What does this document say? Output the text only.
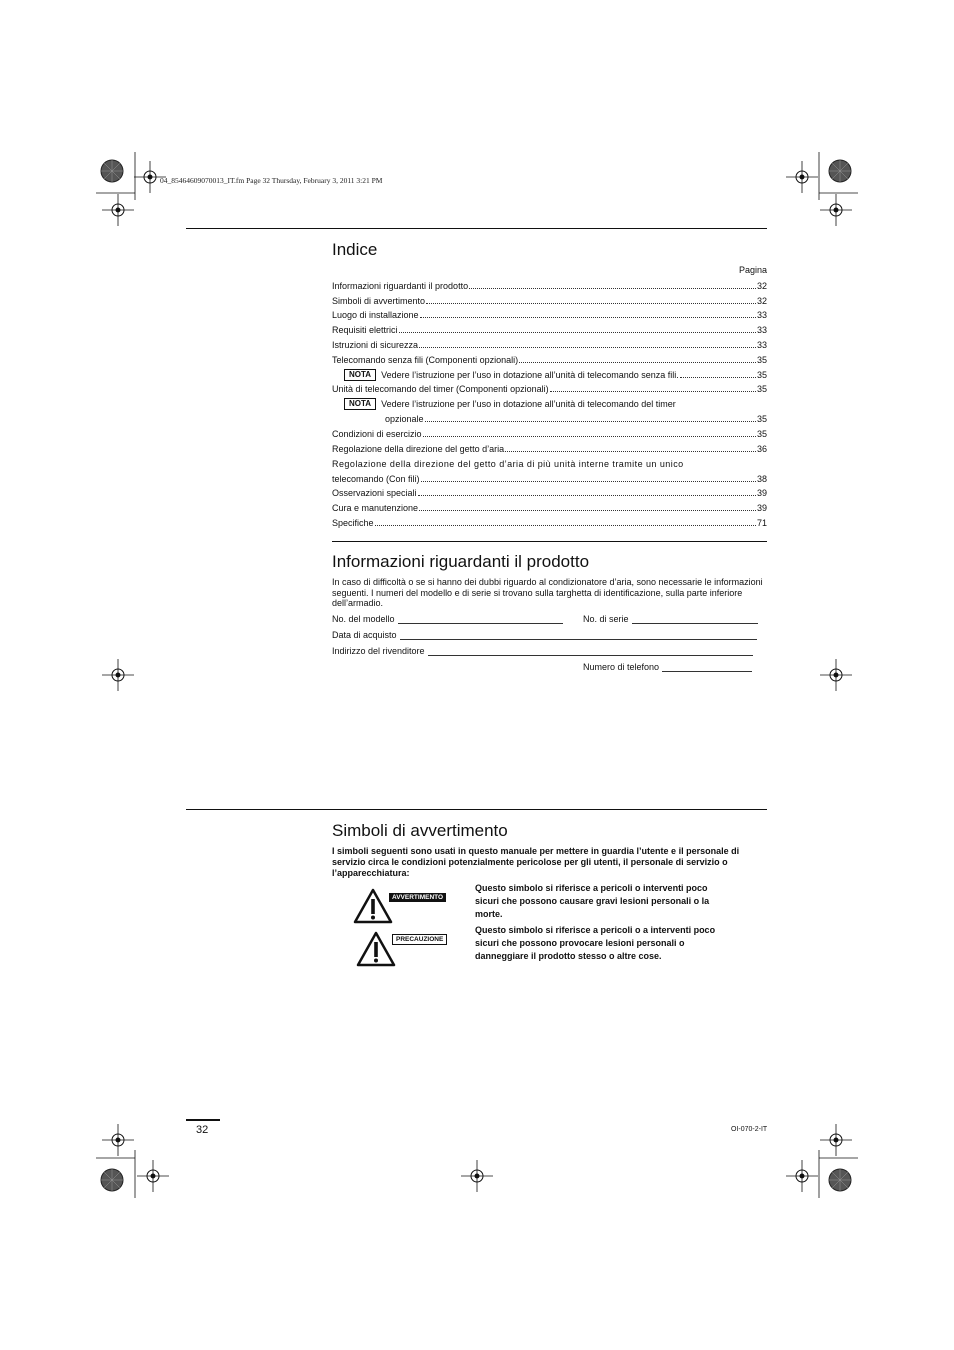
04_85464609070013_IT.fm Page 32 Thursday, February 3, 2011 3:21 PM
Indice
Pagina
Informazioni riguardanti il prodotto	32
Simboli di avvertimento	32
Luogo di installazione	33
Requisiti elettrici	33
Istruzioni di sicurezza	33
Telecomando senza fili (Componenti opzionali)	35
NOTA	Vedere l’istruzione per l’uso in dotazione all’unità di telecomando senza fili.	35
Unità di telecomando del timer (Componenti opzionali)	35
NOTA	Vedere l’istruzione per l’uso in dotazione all’unità di telecomando del timer
opzionale	35
Condizioni di esercizio	35
Regolazione della direzione del getto d’aria	36
Regolazione della direzione del getto d’aria di più unità interne tramite un unico
telecomando (Con fili)	38
Osservazioni speciali	39
Cura e manutenzione	39
Specifiche	71
Informazioni riguardanti il prodotto
In caso di difficoltà o se si hanno dei dubbi riguardo al condizionatore d’aria, sono necessarie le informazioni seguenti. I numeri del modello e di serie si trovano sulla targhetta di identificazione, sulla parte inferiore dell’armadio.
No. del modello	No. di serie
Data di acquisto
Indirizzo del rivenditore
Numero di telefono
Simboli di avvertimento
I simboli seguenti sono usati in questo manuale per mettere in guardia l’utente e il personale di servizio circa le condizioni potenzialmente pericolose per gli utenti, il personale di servizio o l’apparecchiatura:
AVVERTIMENTO
PRECAUZIONE
Questo simbolo si riferisce a pericoli o interventi poco sicuri che possono causare gravi lesioni personali o la morte.
Questo simbolo si riferisce a pericoli o a interventi poco sicuri che possono provocare lesioni personali o danneggiare il prodotto stesso o altre cose.
32	OI-070-2-IT
